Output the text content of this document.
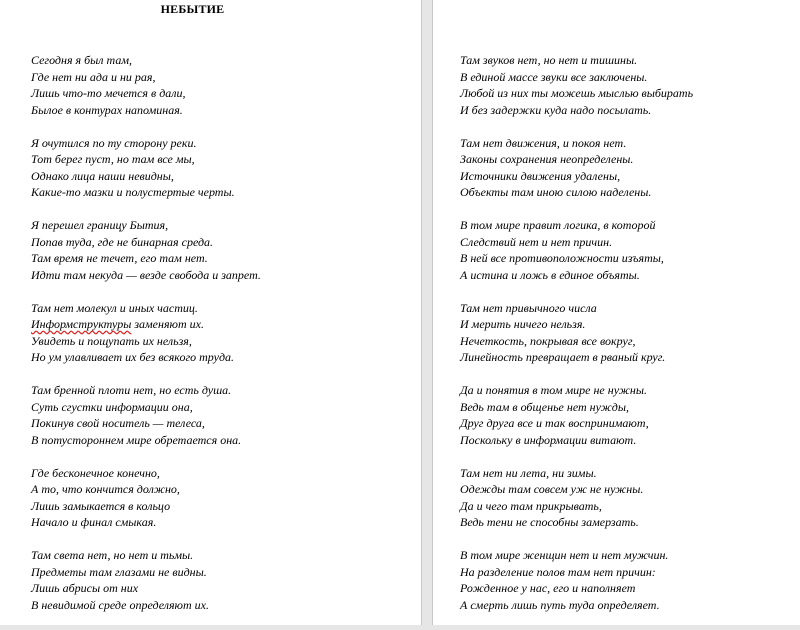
НЕБЫТИЕ
Сегодня я был там,
Где нет ни ада и ни рая,
Лишь что-то мечется в дали,
Былое в контурах напоминая.
Я очутился по ту сторону реки.
Тот берег пуст, но там все мы,
Однако лица наши невидны,
Какие-то мазки и полустертые черты.
Я перешел границу Бытия,
Попав туда, где не бинарная среда.
Там время не течет, его там нет.
Идти там некуда — везде свобода и запрет.
Там нет молекул и иных частиц.
Информструктуры заменяют их.
Увидеть и пощупать их нельзя,
Но ум улавливает их без всякого труда.
Там бренной плоти нет, но есть душа.
Суть сгустки информации она,
Покинув свой носитель — телеса,
В потустороннем мире обретается она.
Где бесконечное конечно,
А то, что кончится должно,
Лишь замыкается в кольцо
Начало и финал смыкая.
Там света нет, но нет и тьмы.
Предметы там глазами не видны.
Лишь абрисы от них
В невидимой среде определяют их.
Там звуков нет, но нет и тишины.
В единой массе звуки все заключены.
Любой из них ты можешь мыслью выбирать
И без задержки куда надо посылать.
Там нет движения, и покоя нет.
Законы сохранения неопределены.
Источники движения удалены,
Объекты там иною силою наделены.
В том мире правит логика, в которой
Следствий нет и нет причин.
В ней все противоположности изъяты,
А истина и ложь в единое объяты.
Там нет привычного числа
И мерить ничего нельзя.
Нечеткость, покрывая все вокруг,
Линейность превращает в рваный круг.
Да и понятия в том мире не нужны.
Ведь там в общенье нет нужды,
Друг друга все и так воспринимают,
Поскольку в информации витают.
Там нет ни лета, ни зимы.
Одежды там совсем уж не нужны.
Да и чего там прикрывать,
Ведь тени не способны замерзать.
В том мире женщин нет и нет мужчин.
На разделение полов там нет причин:
Рожденное у нас, его и наполняет
А смерть лишь путь туда определяет.
